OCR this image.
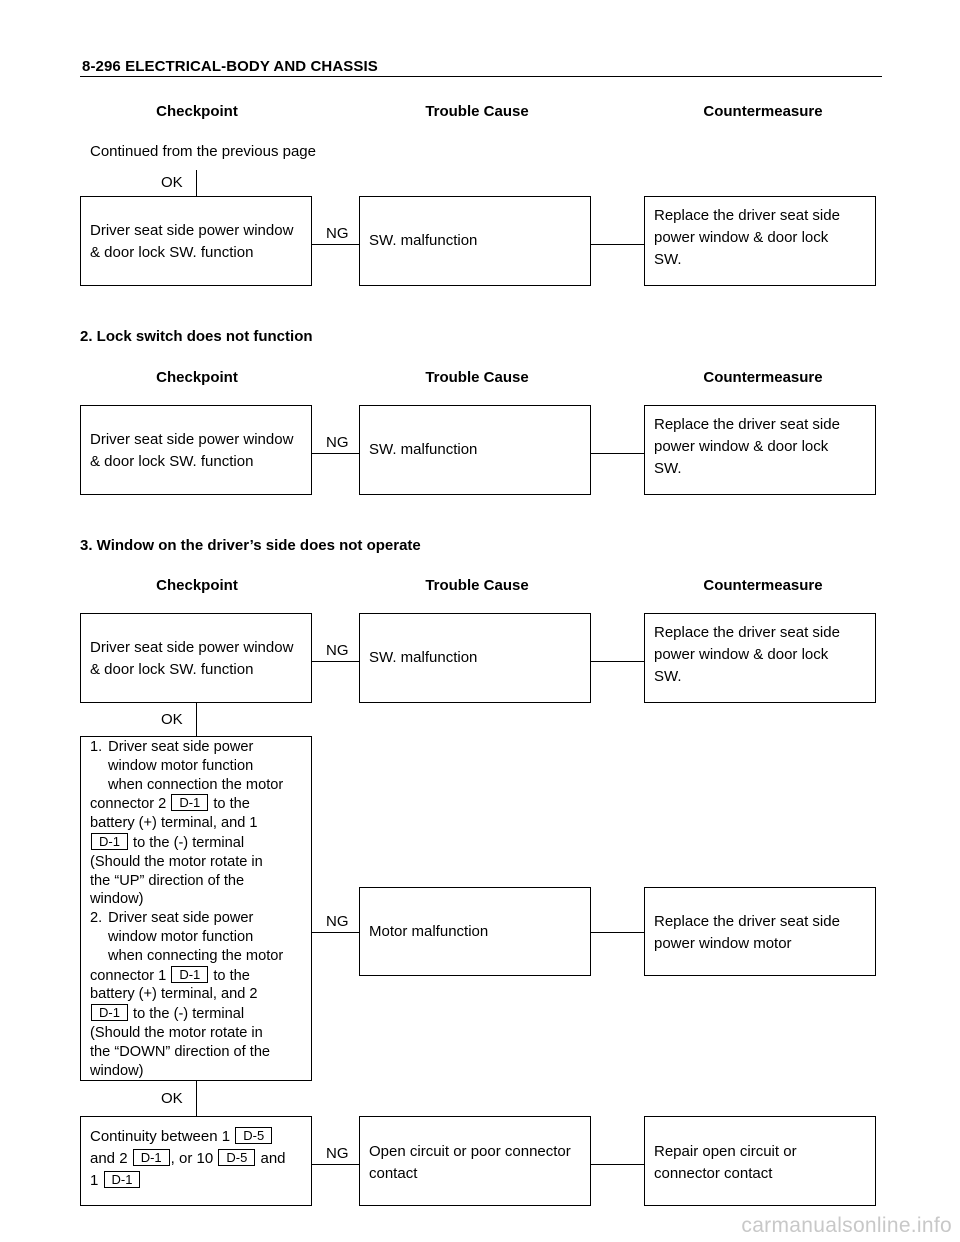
8-296 ELECTRICAL-BODY AND CHASSIS
Checkpoint	Trouble Cause	Countermeasure
Continued from the previous page
OK
Driver seat side power window
& door lock SW. function
NG SW. malfunction
Replace the driver seat side
power window & door lock
SW.
2. Lock switch does not function
Checkpoint	Trouble Cause	Countermeasure
Driver seat side power window
& door lock SW. function
NG SW. malfunction
Replace the driver seat side
power window & door lock
SW.
3. Window on the driver’s side does not operate
Checkpoint	Trouble Cause	Countermeasure
Driver seat side power window
& door lock SW. function
NG SW. malfunction
Replace the driver seat side
power window & door lock
SW.
OK
1. Driver seat side power
window motor function
when connection the motor
connector 2 D-1 to the
battery (+) terminal, and 1
D-1 to the (-) terminal
(Should the motor rotate in
the “UP” direction of the
window)
2. Driver seat side power
window motor function
when connecting the motor
connector 1 D-1 to the
battery (+) terminal, and 2
D-1 to the (-) terminal
(Should the motor rotate in
the “DOWN” direction of the
window)
NG
Motor malfunction
Replace the driver seat side
power window motor
OK
Continuity between 1 D-5
and 2 D-1 , or 10 D-5 and
1 D-1
NG Open circuit or poor connector
contact
Repair open circuit or
connector contact
carmanualsonline.info
